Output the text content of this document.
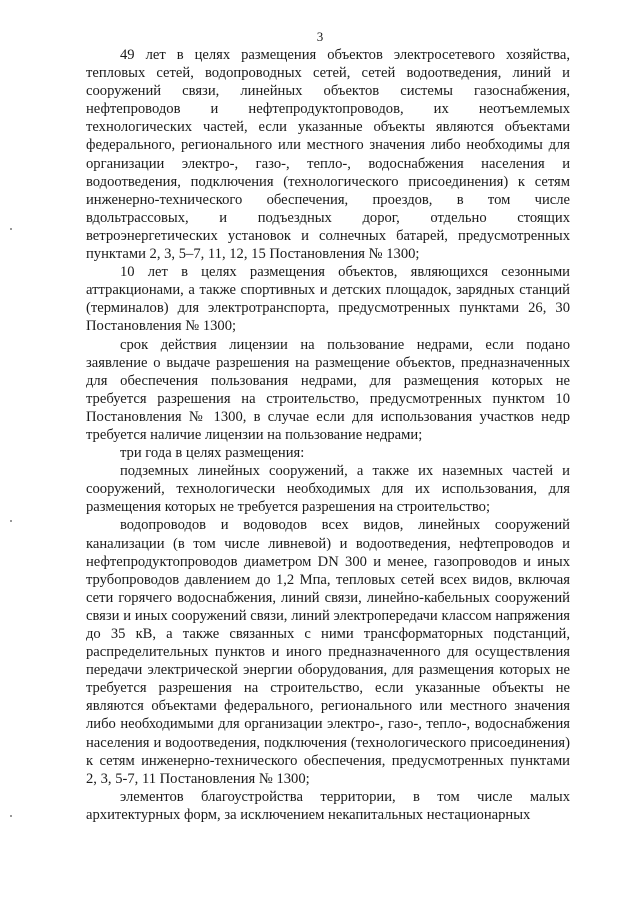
3

49 лет в целях размещения объектов электросетевого хозяйства, тепловых сетей, водопроводных сетей, сетей водоотведения, линий и сооружений связи, линейных объектов системы газоснабжения, нефтепроводов и нефтепродуктопроводов, их неотъемлемых технологических частей, если указанные объекты являются объектами федерального, регионального или местного значения либо необходимы для организации электро-, газо-, тепло-, водоснабжения населения и водоотведения, подключения (технологического присоединения) к сетям инженерно-технического обеспечения, проездов, в том числе вдольтрассовых, и подъездных дорог, отдельно стоящих ветроэнергетических установок и солнечных батарей, предусмотренных пунктами 2, 3, 5–7, 11, 12, 15 Постановления № 1300;

10 лет в целях размещения объектов, являющихся сезонными аттракционами, а также спортивных и детских площадок, зарядных станций (терминалов) для электротранспорта, предусмотренных пунктами 26, 30 Постановления № 1300;

срок действия лицензии на пользование недрами, если подано заявление о выдаче разрешения на размещение объектов, предназначенных для обеспечения пользования недрами, для размещения которых не требуется разрешения на строительство, предусмотренных пунктом 10 Постановления № 1300, в случае если для использования участков недр требуется наличие лицензии на пользование недрами;

три года в целях размещения:

подземных линейных сооружений, а также их наземных частей и сооружений, технологически необходимых для их использования, для размещения которых не требуется разрешения на строительство;

водопроводов и водоводов всех видов, линейных сооружений канализации (в том числе ливневой) и водоотведения, нефтепроводов и нефтепродуктопроводов диаметром DN 300 и менее, газопроводов и иных трубопроводов давлением до 1,2 Мпа, тепловых сетей всех видов, включая сети горячего водоснабжения, линий связи, линейно-кабельных сооружений связи и иных сооружений связи, линий электропередачи классом напряжения до 35 кВ, а также связанных с ними трансформаторных подстанций, распределительных пунктов и иного предназначенного для осуществления передачи электрической энергии оборудования, для размещения которых не требуется разрешения на строительство, если указанные объекты не являются объектами федерального, регионального или местного значения либо необходимыми для организации электро-, газо-, тепло-, водоснабжения населения и водоотведения, подключения (технологического присоединения) к сетям инженерно-технического обеспечения, предусмотренных пунктами 2, 3, 5-7, 11 Постановления № 1300;

элементов благоустройства территории, в том числе малых архитектурных форм, за исключением некапитальных нестационарных
